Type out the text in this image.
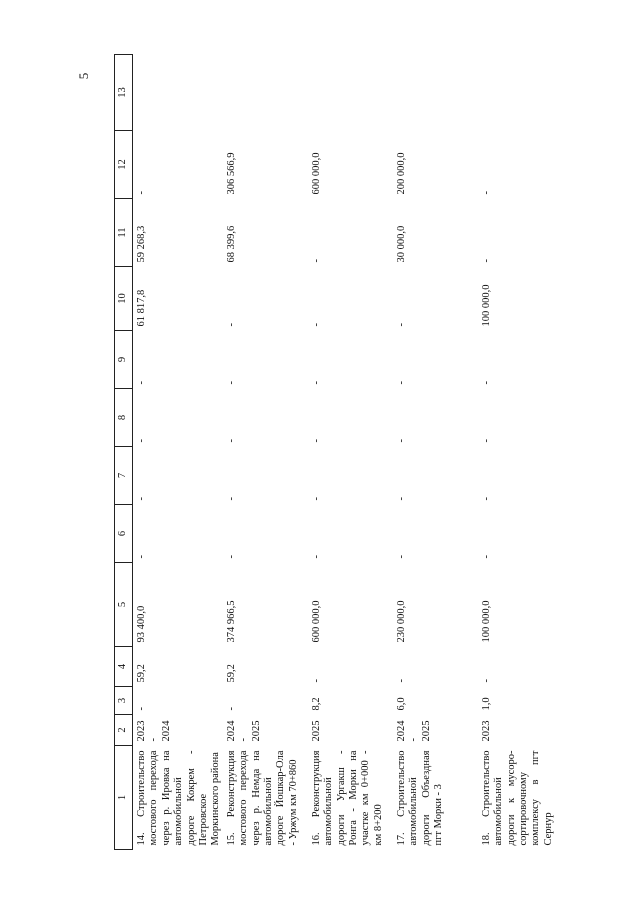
5
1	2	3	4	5	6	7	8	9	10	11	12	13
14. Строительство мостового перехода через р. Ировка на автомобильной дороге Кокрем - Петровское Моркинского района	2023 - 2024	-	59,2	93 400,0	-	-	-	-	61 817,8	59 268,3	-	
15. Реконструкция мостового перехода через р. Немда на автомобильной дороге Йошкар-Ола - Уржум км 70+860	2024 - 2025	-	59,2	374 966,5	-	-	-	-	-	68 399,6	306 566,9	
16. Реконструкция автомобильной дороги Ургакш - Ронга - Морки на участке км 0+000 - км 8+200	2025	8,2	-	600 000,0	-	-	-	-	-	-	600 000,0	
17. Строительство автомобильной дороги Объездная пгт Морки - 3	2024 - 2025	6,0	-	230 000,0	-	-	-	-	-	30 000,0	200 000,0	
18. Строительство автомобильной дороги к мусоро-сортировочному комплексу в пгт Сернур	2023	1,0	-	100 000,0	-	-	-	-	100 000,0	-	-	
